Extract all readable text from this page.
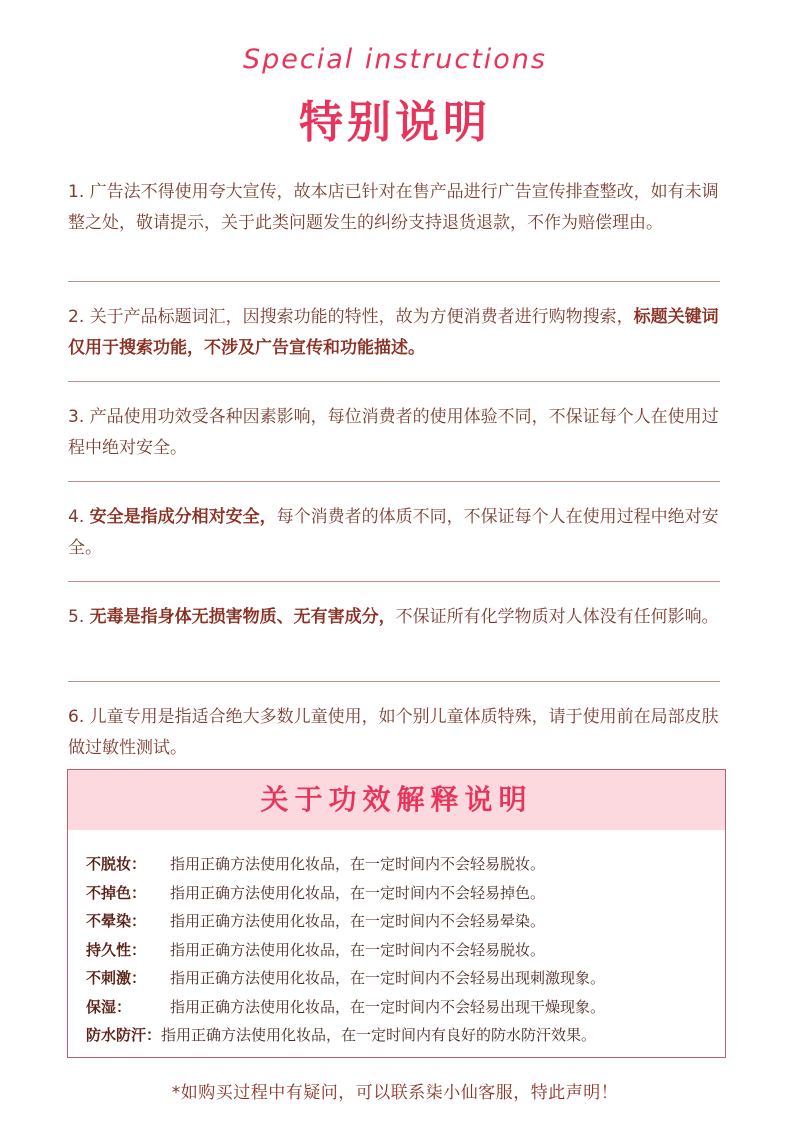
Special instructions
特别说明
1. 广告法不得使用夸大宣传，故本店已针对在售产品进行广告宣传排查整改，如有未调整之处，敬请提示，关于此类问题发生的纠纷支持退货退款，不作为赔偿理由。
2. 关于产品标题词汇，因搜索功能的特性，故为方便消费者进行购物搜索，标题关键词仅用于搜索功能，不涉及广告宣传和功能描述。
3. 产品使用功效受各种因素影响，每位消费者的使用体验不同，不保证每个人在使用过程中绝对安全。
4. 安全是指成分相对安全，每个消费者的体质不同，不保证每个人在使用过程中绝对安全。
5. 无毒是指身体无损害物质、无有害成分，不保证所有化学物质对人体没有任何影响。
6. 儿童专用是指适合绝大多数儿童使用，如个别儿童体质特殊，请于使用前在局部皮肤做过敏性测试。
关于功效解释说明
不脱妆： 指用正确方法使用化妆品，在一定时间内不会轻易脱妆。
不掉色： 指用正确方法使用化妆品，在一定时间内不会轻易掉色。
不晕染： 指用正确方法使用化妆品，在一定时间内不会轻易晕染。
持久性： 指用正确方法使用化妆品，在一定时间内不会轻易脱妆。
不刺激： 指用正确方法使用化妆品，在一定时间内不会轻易出现刺激现象。
保湿：	指用正确方法使用化妆品，在一定时间内不会轻易出现干燥现象。
防水防汗：指用正确方法使用化妆品，在一定时间内有良好的防水防汗效果。
*如购买过程中有疑问，可以联系柒小仙客服，特此声明！
